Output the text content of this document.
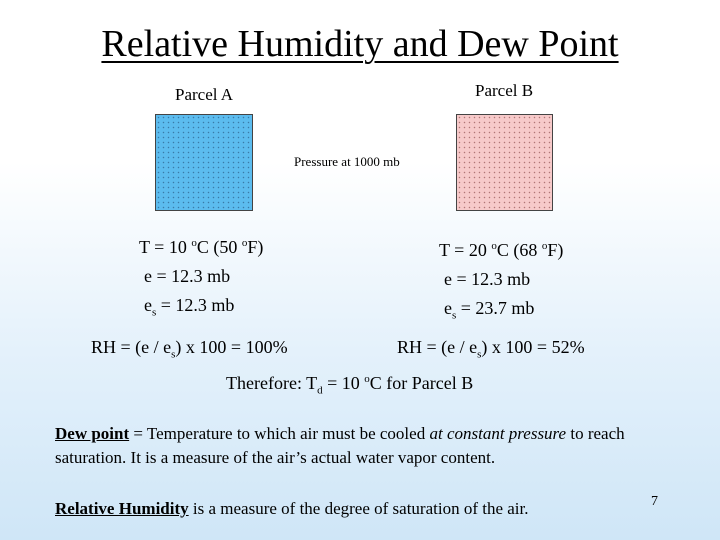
Relative Humidity and Dew Point
Parcel A	Parcel B
Pressure at 1000 mb
T = 10 $^o$C (50 $^o$F)
e = 12.3 mb
$e_s = 12.3$ mb
RH = $(e / e_s)$ x 100 = 100%
T = 20 $^o$C (68 $^o$F)
e = 12.3 mb
$e_s = 23.7$ mb
RH = $(e / e_s)$ x 100 = 52%
Therefore: $T_d = 10$ $^o$C for Parcel B
Dew point = Temperature to which air must be cooled at constant pressure to reach saturation. It is a measure of the air’s actual water vapor content.
Relative Humidity is a measure of the degree of saturation of the air.	7
